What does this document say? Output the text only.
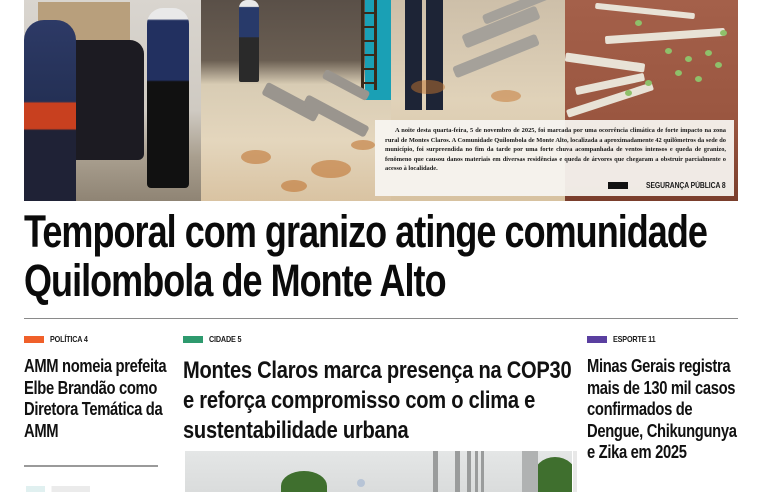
A noite desta quarta-feira, 5 de novembro de 2025, foi marcada por uma ocorrência climática de forte impacto na zona rural de Montes Claros. A Comunidade Quilombola de Monte Alto, localizada a aproximadamente 42 quilômetros da sede do município, foi surpreendida no fim da tarde por uma forte chuva acompanhada de ventos intensos e queda de granizo, fenômeno que causou danos materiais em diversas residências e queda de árvores que chegaram a obstruir parcialmente o acesso à localidade.

SEGURANÇA PÚBLICA 8
Temporal com granizo atinge comunidade
Quilombola de Monte Alto
POLÍTICA 4
AMM nomeia prefeita Elbe Brandão como Diretora Temática da AMM
CIDADE 5
Montes Claros marca presença na COP30 e reforça compromisso com o clima e sustentabilidade urbana
ESPORTE 11
Minas Gerais registra mais de 130 mil casos confirmados de Dengue, Chikungunya e Zika em 2025
